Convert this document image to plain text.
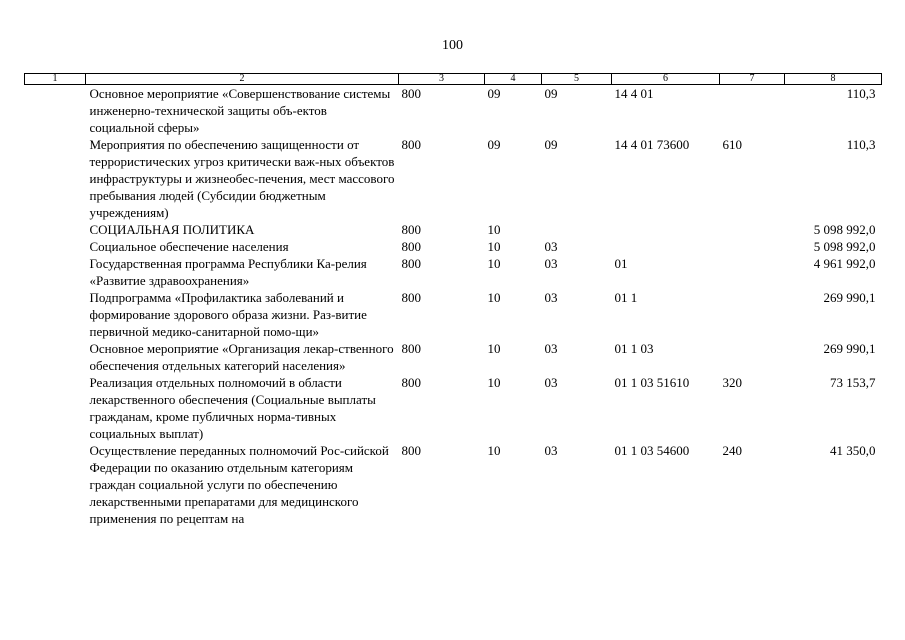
100
1	2	3	4	5	6	7	8
	Основное мероприятие «Совершенствование системы инженерно-технической защиты объ-ектов социальной сферы»	800	09	09	14 4 01		110,3
	Мероприятия по обеспечению защищенности от террористических угроз критически важ-ных объектов инфраструктуры и жизнеобес-печения, мест массового пребывания людей (Субсидии бюджетным учреждениям)	800	09	09	14 4 01 73600	610	110,3
	СОЦИАЛЬНАЯ ПОЛИТИКА	800	10				5 098 992,0
	Социальное обеспечение населения	800	10	03			5 098 992,0
	Государственная программа Республики Ка-релия «Развитие здравоохранения»	800	10	03	01		4 961 992,0
	Подпрограмма «Профилактика заболеваний и формирование здорового образа жизни. Раз-витие первичной медико-санитарной помо-щи»	800	10	03	01 1		269 990,1
	Основное мероприятие «Организация лекар-ственного обеспечения отдельных категорий населения»	800	10	03	01 1 03		269 990,1
	Реализация отдельных полномочий в области лекарственного обеспечения (Социальные выплаты гражданам, кроме публичных норма-тивных социальных выплат)	800	10	03	01 1 03 51610	320	73 153,7
	Осуществление переданных полномочий Рос-сийской Федерации по оказанию отдельным категориям граждан социальной услуги по обеспечению лекарственными препаратами для медицинского применения по рецептам на	800	10	03	01 1 03 54600	240	41 350,0
